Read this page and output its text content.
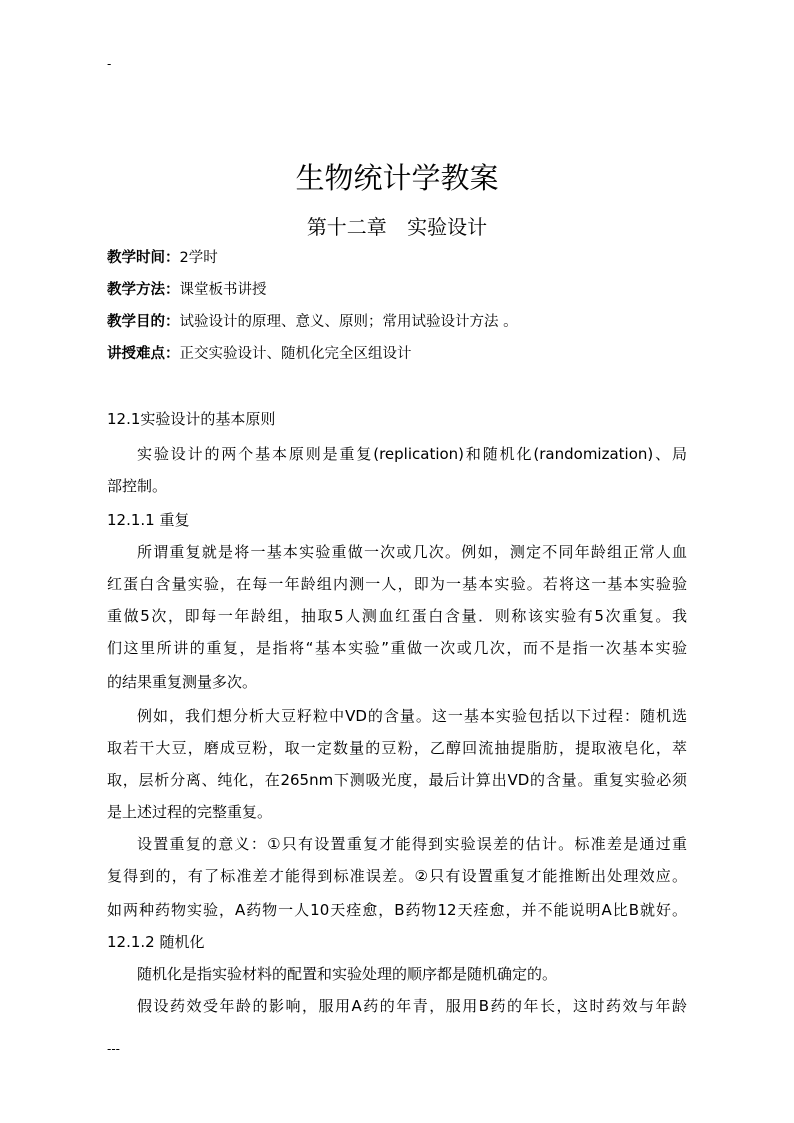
-
生物统计学教案
第十二章 实验设计
教学时间：2学时
教学方法：课堂板书讲授
教学目的：试验设计的原理、意义、原则；常用试验设计方法 。
讲授难点：正交实验设计、随机化完全区组设计
12.1实验设计的基本原则
实验设计的两个基本原则是重复(replication)和随机化(randomization)、局
部控制。
12.1.1 重复
所谓重复就是将一基本实验重做一次或几次。例如，测定不同年龄组正常人血
红蛋白含量实验，在每一年龄组内测一人，即为一基本实验。若将这一基本实验验
重做5次，即每一年龄组，抽取5人测血红蛋白含量．则称该实验有5次重复。我
们这里所讲的重复，是指将“基本实验”重做一次或几次，而不是指一次基本实验
的结果重复测量多次。
例如，我们想分析大豆籽粒中VD的含量。这一基本实验包括以下过程：随机选
取若干大豆，磨成豆粉，取一定数量的豆粉，乙醇回流抽提脂肪，提取液皂化，萃
取，层析分离、纯化，在265nm下测吸光度，最后计算出VD的含量。重复实验必须
是上述过程的完整重复。
设置重复的意义：①只有设置重复才能得到实验误差的估计。标准差是通过重
复得到的，有了标准差才能得到标准误差。②只有设置重复才能推断出处理效应。
如两种药物实验，A药物一人10天痊愈，B药物12天痊愈，并不能说明A比B就好。
12.1.2 随机化
随机化是指实验材料的配置和实验处理的顺序都是随机确定的。
假设药效受年龄的影响，服用A药的年青，服用B药的年长，这时药效与年龄
---
